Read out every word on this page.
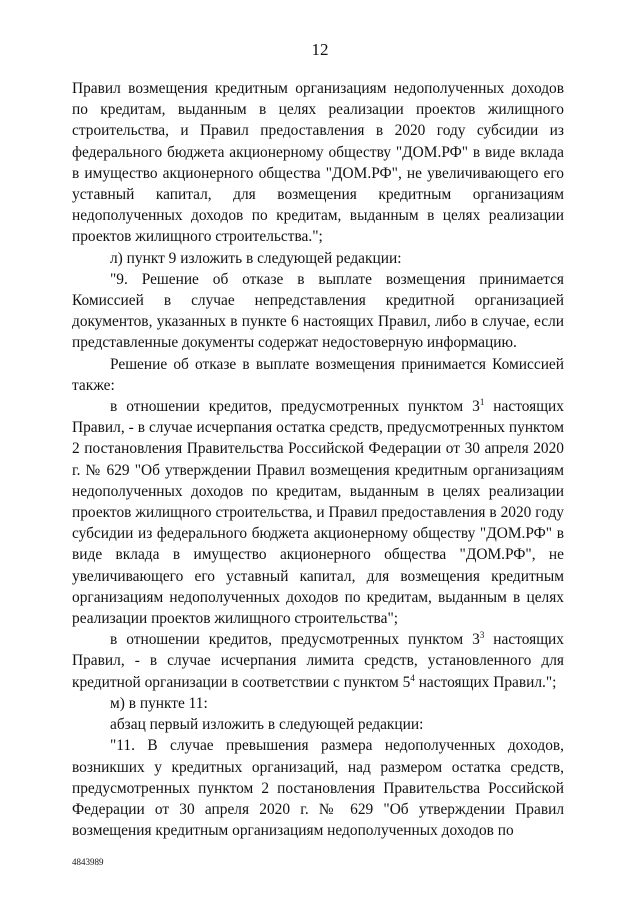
12

Правил возмещения кредитным организациям недополученных доходов по кредитам, выданным в целях реализации проектов жилищного строительства, и Правил предоставления в 2020 году субсидии из федерального бюджета акционерному обществу "ДОМ.РФ" в виде вклада в имущество акционерного общества "ДОМ.РФ", не увеличивающего его уставный капитал, для возмещения кредитным организациям недополученных доходов по кредитам, выданным в целях реализации проектов жилищного строительства.";

л) пункт 9 изложить в следующей редакции:

"9. Решение об отказе в выплате возмещения принимается Комиссией в случае непредставления кредитной организацией документов, указанных в пункте 6 настоящих Правил, либо в случае, если представленные документы содержат недостоверную информацию.

Решение об отказе в выплате возмещения принимается Комиссией также:

в отношении кредитов, предусмотренных пунктом $3^1$ настоящих Правил, - в случае исчерпания остатка средств, предусмотренных пунктом 2 постановления Правительства Российской Федерации от 30 апреля 2020 г. № 629 "Об утверждении Правил возмещения кредитным организациям недополученных доходов по кредитам, выданным в целях реализации проектов жилищного строительства, и Правил предоставления в 2020 году субсидии из федерального бюджета акционерному обществу "ДОМ.РФ" в виде вклада в имущество акционерного общества "ДОМ.РФ", не увеличивающего его уставный капитал, для возмещения кредитным организациям недополученных доходов по кредитам, выданным в целях реализации проектов жилищного строительства";

в отношении кредитов, предусмотренных пунктом $3^3$ настоящих Правил, - в случае исчерпания лимита средств, установленного для кредитной организации в соответствии с пунктом $5^4$ настоящих Правил.";

м) в пункте 11:

абзац первый изложить в следующей редакции:

"11. В случае превышения размера недополученных доходов, возникших у кредитных организаций, над размером остатка средств, предусмотренных пунктом 2 постановления Правительства Российской Федерации от 30 апреля 2020 г. № 629 "Об утверждении Правил возмещения кредитным организациям недополученных доходов по

4843989
